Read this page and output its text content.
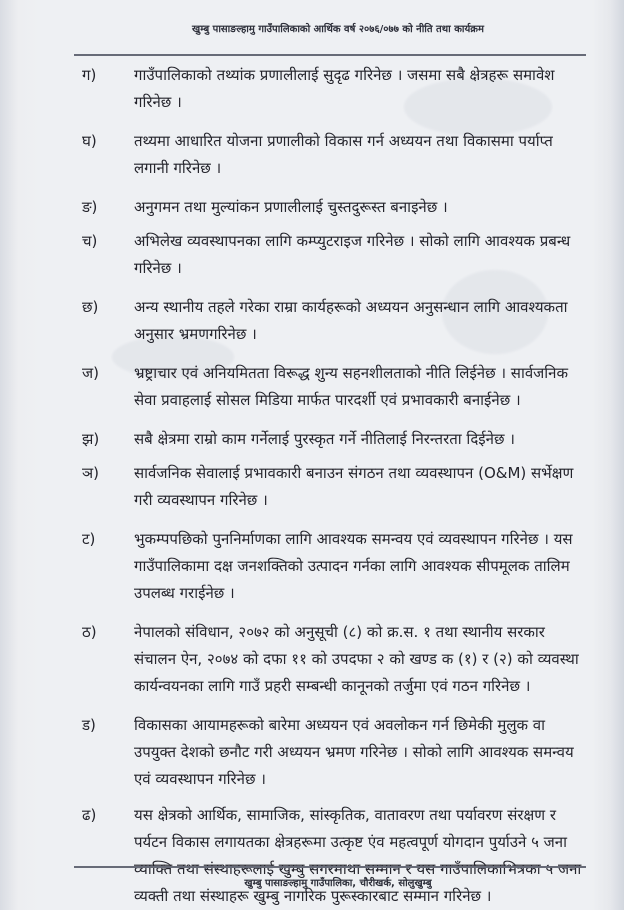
खुम्बु पासाङल्हामु गाउँपालिकाको आर्थिक वर्ष २०७६/०७७ को नीति तथा कार्यक्रम
ग)	गाउँपालिकाको तथ्यांक प्रणालीलाई सुदृढ गरिनेछ । जसमा सबै क्षेत्रहरू समावेश गरिनेछ ।
घ)	तथ्यमा आधारित योजना प्रणालीको विकास गर्न अध्ययन तथा विकासमा पर्याप्त लगानी गरिनेछ ।
ङ)	अनुगमन तथा मुल्यांकन प्रणालीलाई चुस्तदुरूस्त बनाइनेछ ।
च)	अभिलेख व्यवस्थापनका लागि कम्प्युटराइज गरिनेछ । सोको लागि आवश्यक प्रबन्ध गरिनेछ ।
छ)	अन्य स्थानीय तहले गरेका राम्रा कार्यहरूको अध्ययन अनुसन्धान लागि आवश्यकता अनुसार भ्रमणगरिनेछ ।
ज)	भ्रष्ट्राचार एवं अनियमितता विरूद्ध शुन्य सहनशीलताको नीति लिईनेछ । सार्वजनिक सेवा प्रवाहलाई सोसल मिडिया मार्फत पारदर्शी एवं प्रभावकारी बनाईनेछ ।
झ)	सबै क्षेत्रमा राम्रो काम गर्नेलाई पुरस्कृत गर्ने नीतिलाई निरन्तरता दिईनेछ ।
ञ)	सार्वजनिक सेवालाई प्रभावकारी बनाउन संगठन तथा व्यवस्थापन (O&M) सर्भेक्षण गरी व्यवस्थापन गरिनेछ ।
ट)	भुकम्पपछिको पुननिर्माणका लागि आवश्यक समन्वय एवं व्यवस्थापन गरिनेछ । यस गाउँपालिकामा दक्ष जनशक्तिको उत्पादन गर्नका लागि आवश्यक सीपमूलक तालिम उपलब्ध गराईनेछ ।
ठ)	नेपालको संविधान, २०७२ को अनुसूची (८) को क्र.स. १ तथा स्थानीय सरकार संचालन ऐन, २०७४ को दफा ११ को उपदफा २ को खण्ड क (१) र (२) को व्यवस्था कार्यन्वयनका लागि गाउँ प्रहरी सम्बन्धी कानूनको तर्जुमा एवं गठन गरिनेछ ।
ड)	विकासका आयामहरूको बारेमा अध्ययन एवं अवलोकन गर्न छिमेकी मुलुक वा उपयुक्त देशको छनौट गरी अध्ययन भ्रमण गरिनेछ । सोको लागि आवश्यक समन्वय एवं व्यवस्थापन गरिनेछ ।
ढ)	यस क्षेत्रको आर्थिक, सामाजिक, सांस्कृतिक, वातावरण तथा पर्यावरण संरक्षण र पर्यटन विकास लगायतका क्षेत्रहरूमा उत्कृष्ट एंव महत्वपूर्ण योगदान पुर्याउने ५ जना व्याक्ति तथा संस्थाहरूलाई खुम्बु सगरमाथा सम्मान र यस गाउँपालिकाभित्रका ५ जना व्यक्ती तथा संस्थाहरू खुम्बु नागरिक पुरूस्कारबाट सम्मान गरिनेछ ।
खुम्बु पासाङल्हामु गाउँपालिका, चौरीखर्क, सोलुखुम्बु
